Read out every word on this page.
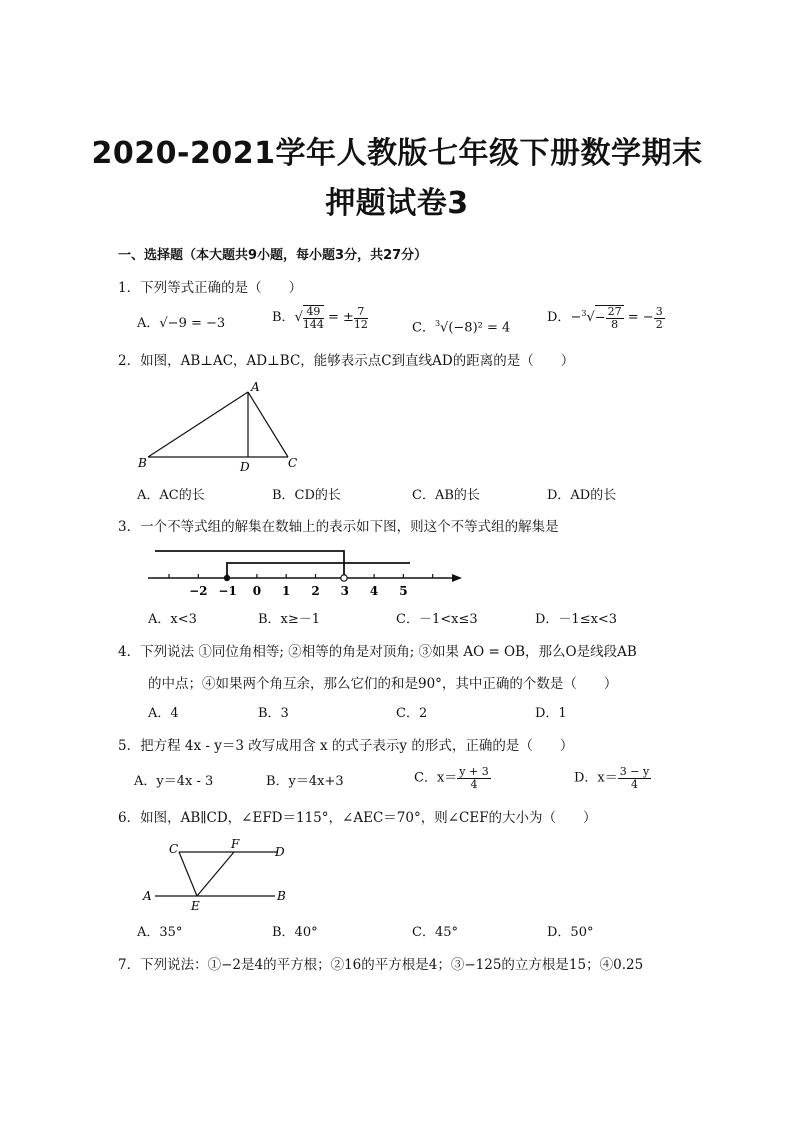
2020-2021学年人教版七年级下册数学期末
押题试卷3
一、选择题（本大题共9小题，每小题3分，共27分）
1．下列等式正确的是（　　）
A．√−9 = −3	B．√ $\frac{49}{144}$ = ± $\frac{7}{12}$	C．$^3$√(−8)² = 4
D．$-^3√- \frac{27}{8}$ = − $\frac{3}{2}$
2．如图，AB⊥AC，AD⊥BC，能够表示点C到直线AD的距离的是（　　）
A
B	C
D
A．AC的长	B．CD的长	C．AB的长	D．AD的长
3．一个不等式组的解集在数轴上的表示如下图，则这个不等式组的解集是
−2 −1 0 1 2 3 4 5
A．x<3	B．x≥－1	C．－1<x≤3	D．－1≤x<3
4．下列说法 ①同位角相等; ②相等的角是对顶角; ③如果 AO = OB，那么O是线段AB
的中点；④如果两个角互余，那么它们的和是90°，其中正确的个数是（　　）
A．4	B．3	C．2	D．1
5．把方程 4x - y＝3 改写成用含 x 的式子表示y 的形式，正确的是（　　）
A．y＝4x - 3	B．y＝4x+3	C．$x= \frac{y + 3}{4}$	D．$x= \frac{3 - y}{4}$
6．如图，AB∥CD，∠EFD＝115°，∠AEC＝70°，则∠CEF的大小为（　　）
C	F
D
A	B
E
A．35°	B．40°	C．45°	D．50°
7．下列说法：①−2是4的平方根；②16的平方根是4；③−125的立方根是15；④0.25
